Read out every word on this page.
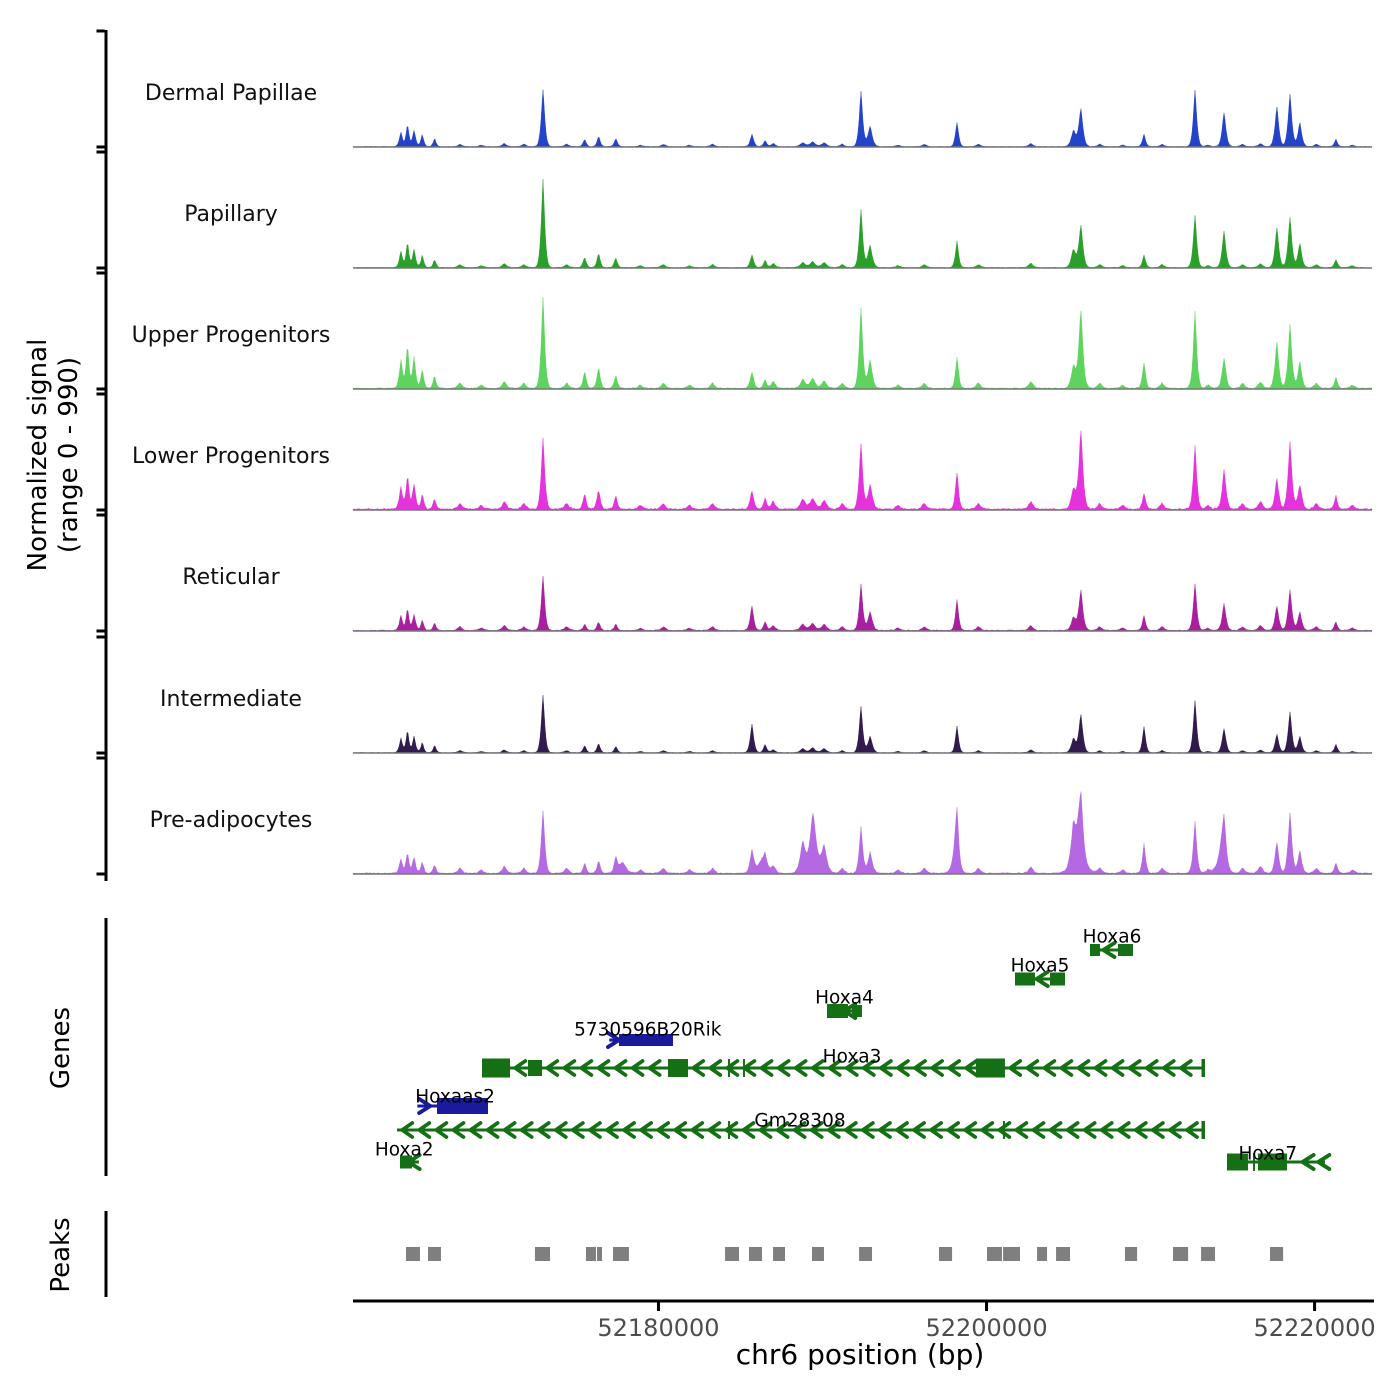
Dermal Papillae
Papillary
Upper Progenitors
Lower Progenitors
Reticular
Intermediate
Pre-adipocytes
Hoxa6
Hoxa5
Hoxa4
5730596B20Rik
Hoxa3
Hoxaas2
Gm28308
Hoxa2	Hoxa7
52180000	52200000	52220000
Normalized signal (range 0 - 990)
Genes
Peaks
chr6 position (bp)
